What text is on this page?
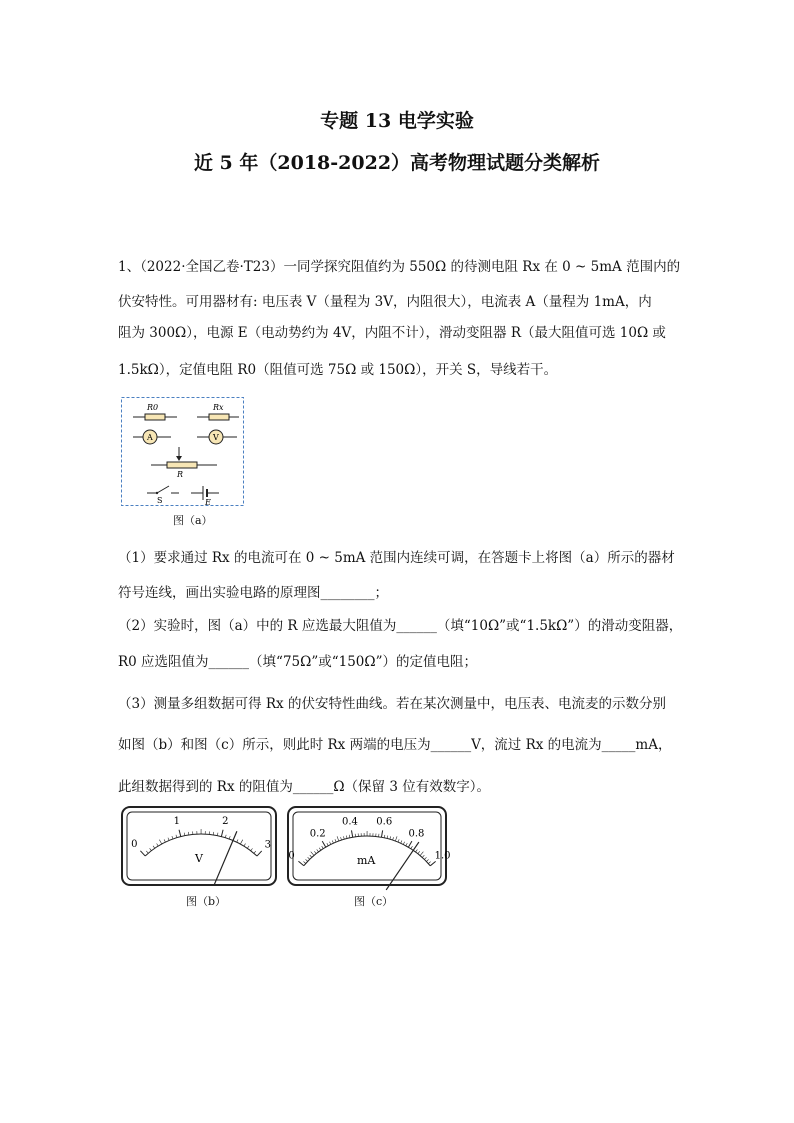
专题 13 电学实验
近 5 年（2018-2022）高考物理试题分类解析
1、（2022·全国乙卷·T23）一同学探究阻值约为 550Ω 的待测电阻 Rx 在 0 ~ 5mA 范围内的
伏安特性。可用器材有: 电压表 V（量程为 3V，内阻很大），电流表 A（量程为 1mA，内
阻为 300Ω），电源 E（电动势约为 4V，内阻不计），滑动变阻器 R（最大阻值可选 10Ω 或
1.5kΩ），定值电阻 R0（阻值可选 75Ω 或 150Ω），开关 S，导线若干。
R0	Rx
A	V
R
S	E
图（a）
（1）要求通过 Rx 的电流可在 0 ~ 5mA 范围内连续可调，在答题卡上将图（a）所示的器材
符号连线，画出实验电路的原理图________；
（2）实验时，图（a）中的 R 应选最大阻值为______（填“10Ω”或“1.5kΩ”）的滑动变阻器，
R0 应选阻值为______（填“75Ω”或“150Ω”）的定值电阻；
（3）测量多组数据可得 Rx 的伏安特性曲线。若在某次测量中，电压表、电流麦的示数分别
如图（b）和图（c）所示，则此时 Rx 两端的电压为______V，流过 Rx 的电流为_____mA，
此组数据得到的 Rx 的阻值为______Ω（保留 3 位有效数字）。
0
1	2
3
V
图（b）
0
0.2
0.4 0.6
0.8
1.0
mA
图（c）
